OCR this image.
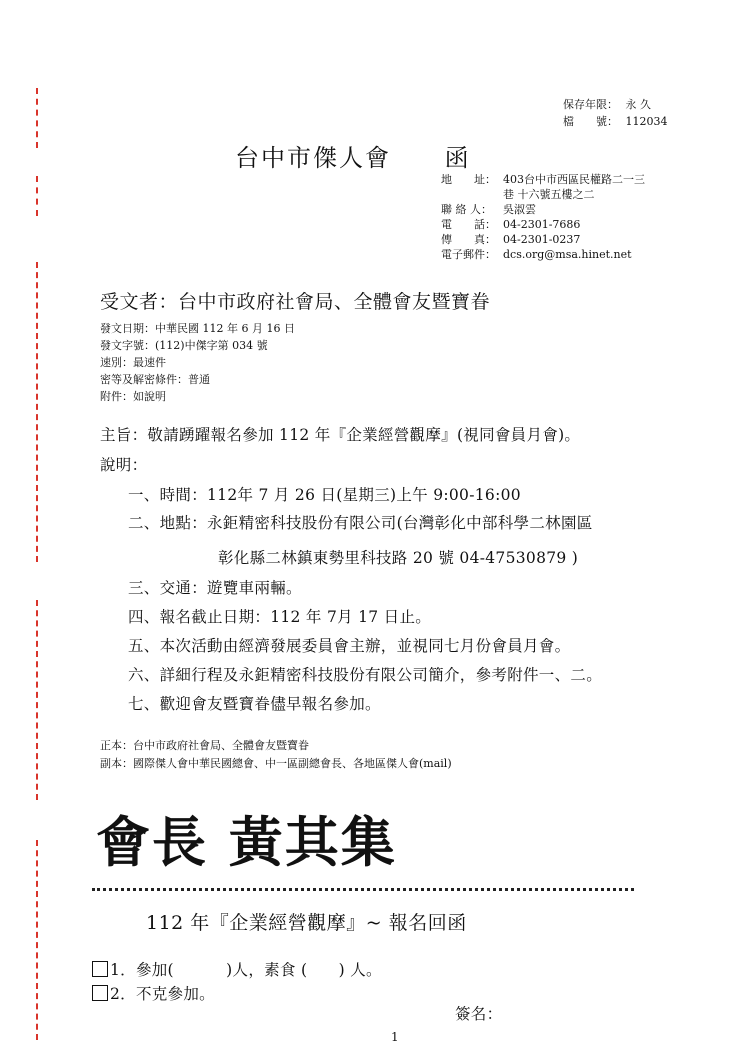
保存年限： 永 久
檔　　號： 112034
台中市傑人會 函
地　　址： 403台中市西區民權路二一三
巷 十六號五樓之二
聯 絡 人： 吳淑雲
電　　話： 04-2301-7686
傳　　真： 04-2301-0237
電子郵件： dcs.org@msa.hinet.net
受文者：台中市政府社會局、全體會友暨寶眷
發文日期：中華民國 112 年 6 月 16 日
發文字號：(112)中傑字第 034 號
速別：最速件
密等及解密條件：普通
附件：如說明
主旨：敬請踴躍報名參加 112 年『企業經營觀摩』(視同會員月會)。
說明：
一、時間：112年 7 月 26 日(星期三)上午 9:00-16:00
二、地點：永鉅精密科技股份有限公司(台灣彰化中部科學二林園區
彰化縣二林鎮東勢里科技路 20 號 04-47530879 )
三、交通：遊覽車兩輛。
四、報名截止日期：112 年 7月 17 日止。
五、本次活動由經濟發展委員會主辦，並視同七月份會員月會。
六、詳細行程及永鉅精密科技股份有限公司簡介，參考附件一、二。
七、歡迎會友暨寶眷儘早報名參加。
正本：台中市政府社會局、全體會友暨寶眷
副本：國際傑人會中華民國總會、中一區副總會長、各地區傑人會(mail)
會長 黃其集
112 年『企業經營觀摩』~ 報名回函
1．參加(          )人，素食 (      ) 人。
2．不克參加。
簽名：
1
